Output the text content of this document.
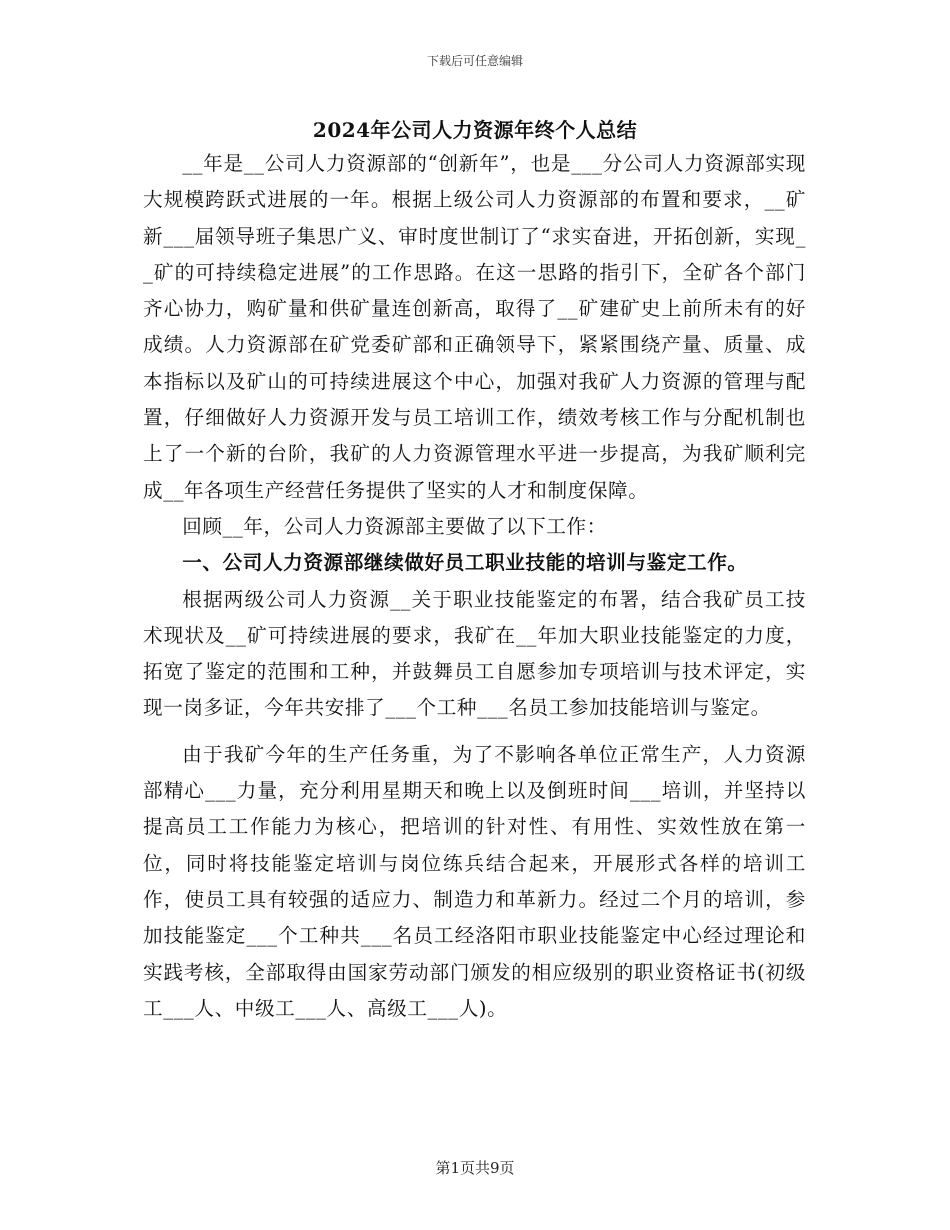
下载后可任意编辑
2024年公司人力资源年终个人总结

__年是__公司人力资源部的“创新年”，也是___分公司人力资源部实现大规模跨跃式进展的一年。根据上级公司人力资源部的布置和要求，__矿新___届领导班子集思广义、审时度世制订了“求实奋进，开拓创新，实现__矿的可持续稳定进展”的工作思路。在这一思路的指引下，全矿各个部门齐心协力，购矿量和供矿量连创新高，取得了__矿建矿史上前所未有的好成绩。人力资源部在矿党委矿部和正确领导下，紧紧围绕产量、质量、成本指标以及矿山的可持续进展这个中心，加强对我矿人力资源的管理与配置，仔细做好人力资源开发与员工培训工作，绩效考核工作与分配机制也上了一个新的台阶，我矿的人力资源管理水平进一步提高，为我矿顺利完成__年各项生产经营任务提供了坚实的人才和制度保障。

回顾__年，公司人力资源部主要做了以下工作：

一、公司人力资源部继续做好员工职业技能的培训与鉴定工作。

根据两级公司人力资源__关于职业技能鉴定的布署，结合我矿员工技术现状及__矿可持续进展的要求，我矿在__年加大职业技能鉴定的力度，拓宽了鉴定的范围和工种，并鼓舞员工自愿参加专项培训与技术评定，实现一岗多证，今年共安排了___个工种___名员工参加技能培训与鉴定。

由于我矿今年的生产任务重，为了不影响各单位正常生产，人力资源部精心___力量，充分利用星期天和晚上以及倒班时间___培训，并坚持以提高员工工作能力为核心，把培训的针对性、有用性、实效性放在第一位，同时将技能鉴定培训与岗位练兵结合起来，开展形式各样的培训工作，使员工具有较强的适应力、制造力和革新力。经过二个月的培训，参加技能鉴定___个工种共___名员工经洛阳市职业技能鉴定中心经过理论和实践考核，全部取得由国家劳动部门颁发的相应级别的职业资格证书(初级工___人、中级工___人、高级工___人)。

第1页共9页
